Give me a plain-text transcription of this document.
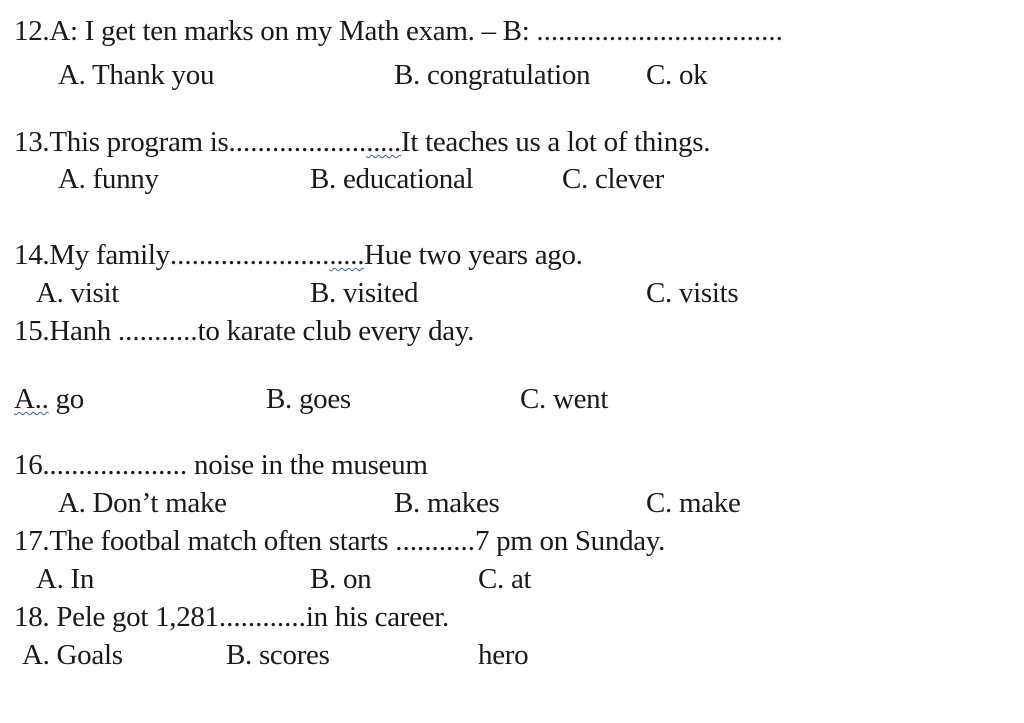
12.A: I get ten marks on my Math exam. – B: ..................................
A. Thank you	B. congratulation C. ok
13.This program is........................It teaches us a lot of things.
A. funny	B. educational	C. clever
14.My family...........................Hue two years ago.
A. visit	B. visited	C. visits
15.Hanh ...........to karate club every day.
A.. go	B. goes	C. went
16.................... noise in the museum
A. Don’t make	B. makes	C. make
17.The footbal match often starts ...........7 pm on Sunday.
A. In	B. on	C. at
18. Pele got 1,281............in his career.
A. Goals	B. scores	hero
